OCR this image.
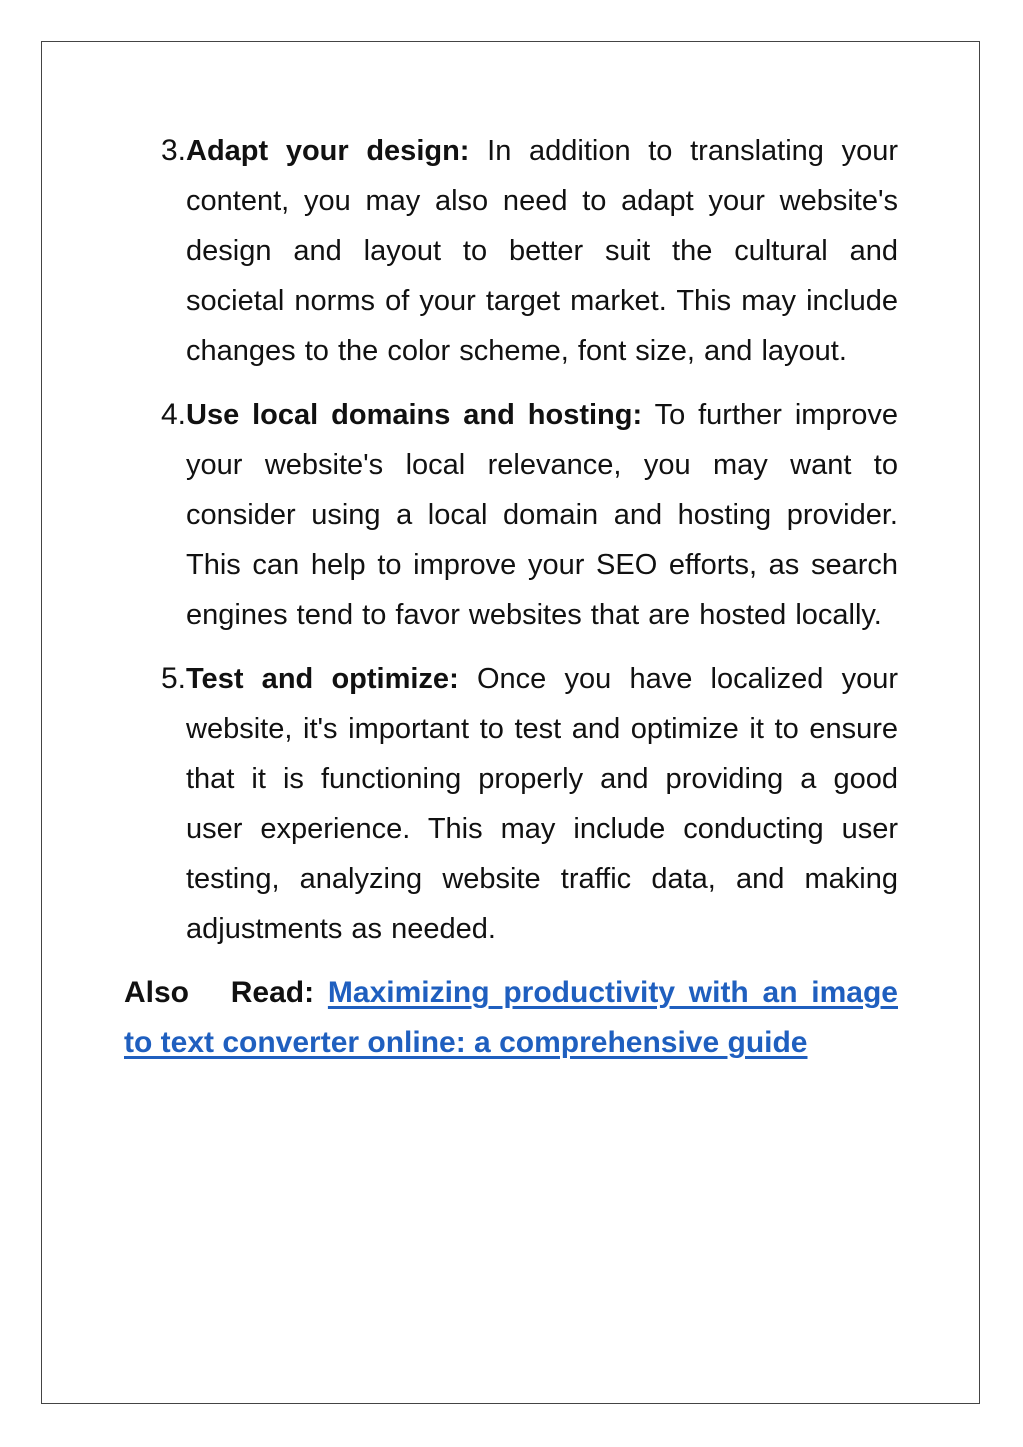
3. Adapt your design: In addition to translating your content, you may also need to adapt your website's design and layout to better suit the cultural and societal norms of your target market. This may include changes to the color scheme, font size, and layout.
4. Use local domains and hosting: To further improve your website's local relevance, you may want to consider using a local domain and hosting provider. This can help to improve your SEO efforts, as search engines tend to favor websites that are hosted locally.
5. Test and optimize: Once you have localized your website, it's important to test and optimize it to ensure that it is functioning properly and providing a good user experience. This may include conducting user testing, analyzing website traffic data, and making adjustments as needed.
Also Read: Maximizing productivity with an image to text converter online: a comprehensive guide
